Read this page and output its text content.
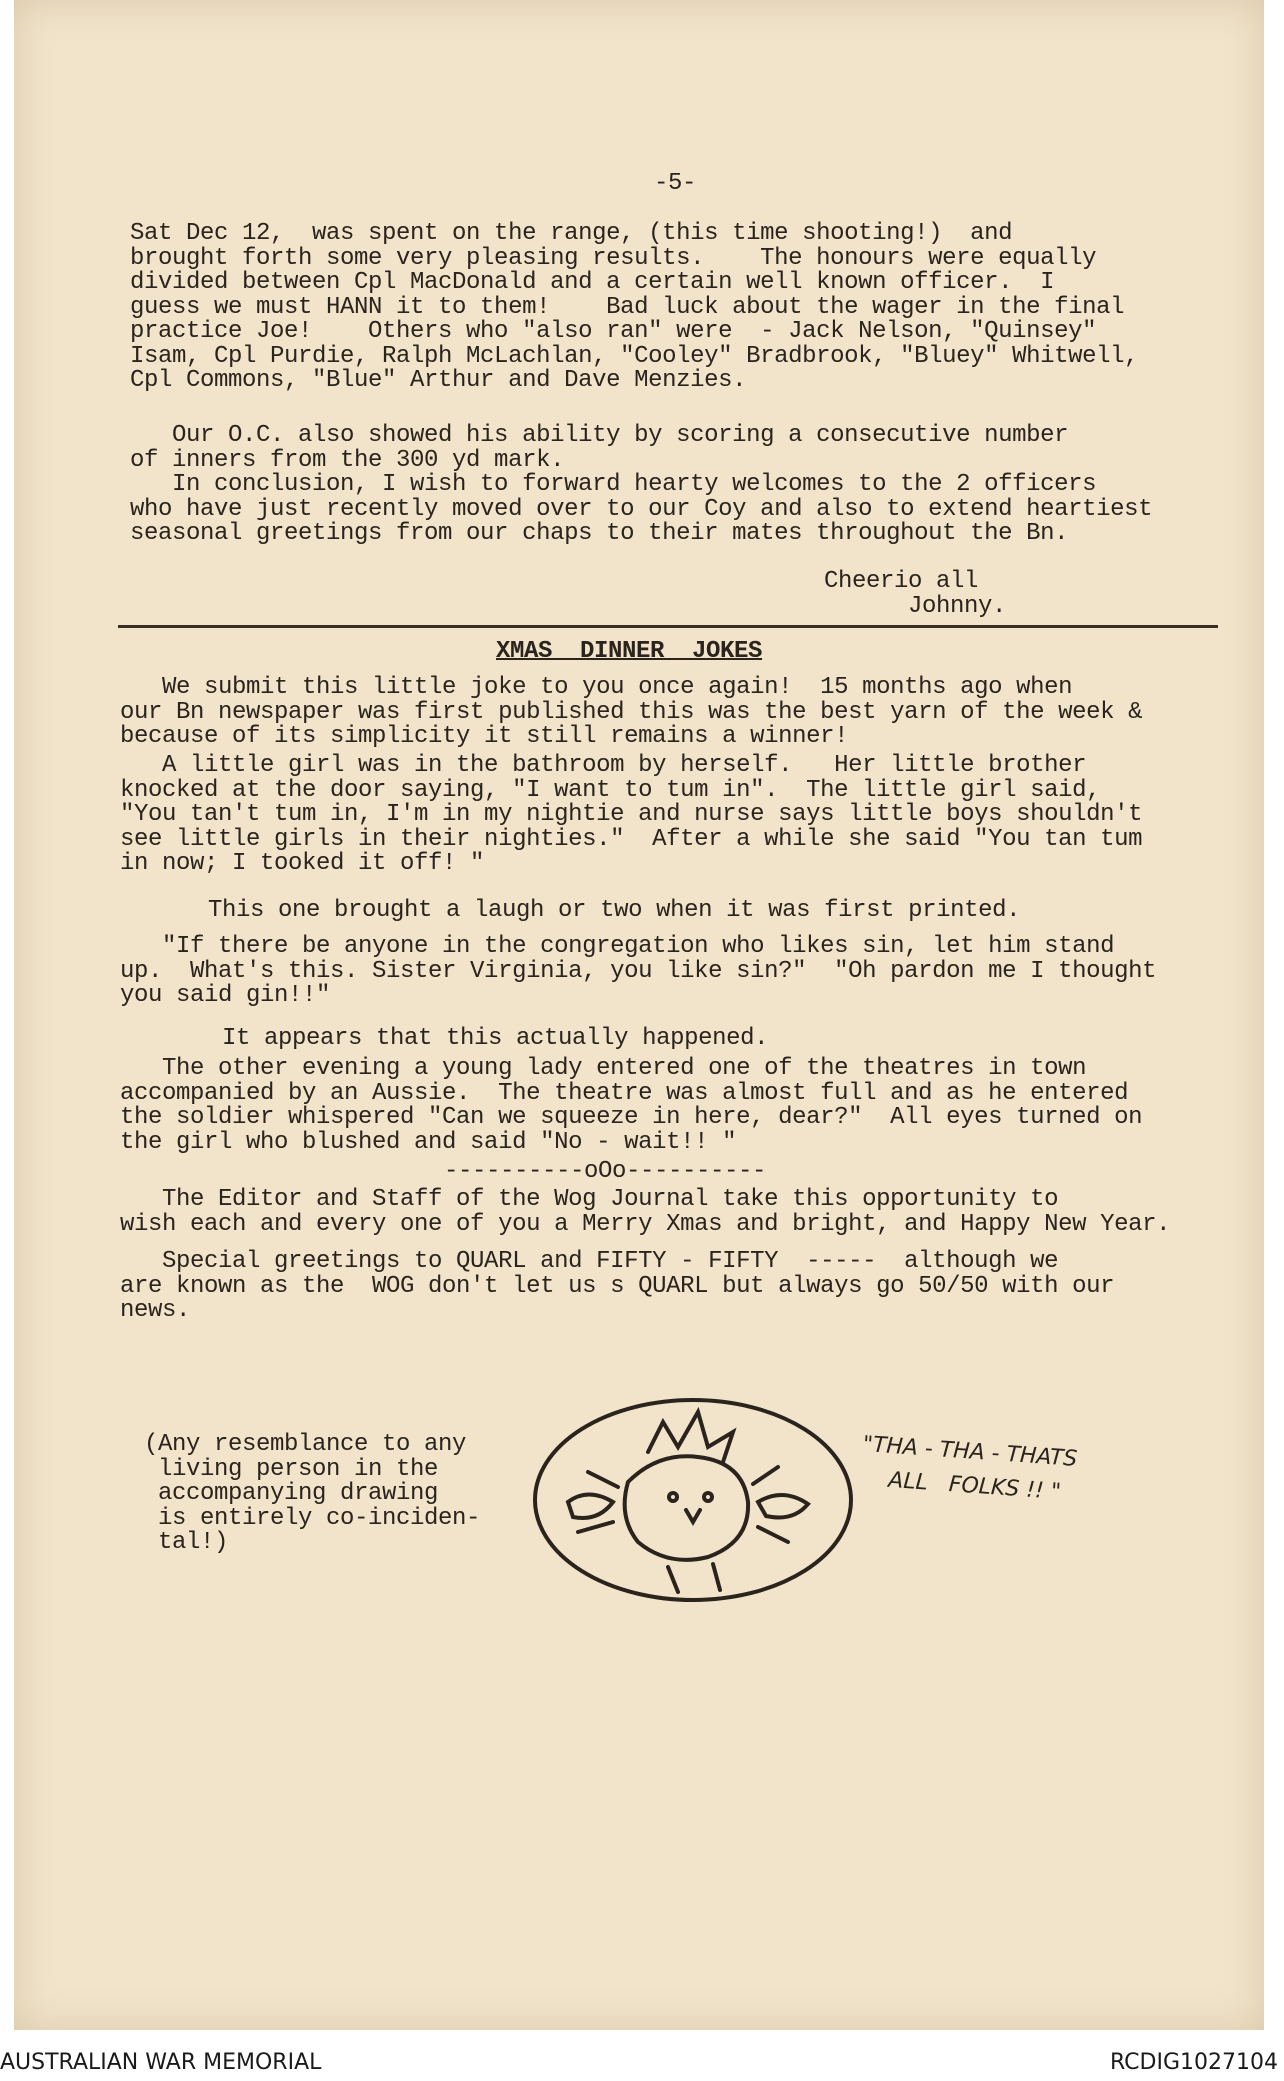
-5-
Sat Dec 12,  was spent on the range, (this time shooting!)  and
brought forth some very pleasing results.    The honours were equally
divided between Cpl MacDonald and a certain well known officer.  I
guess we must HANN it to them!    Bad luck about the wager in the final
practice Joe!    Others who "also ran" were  - Jack Nelson, "Quinsey"
Isam, Cpl Purdie, Ralph McLachlan, "Cooley" Bradbrook, "Bluey" Whitwell,
Cpl Commons, "Blue" Arthur and Dave Menzies.
Our O.C. also showed his ability by scoring a consecutive number
of inners from the 300 yd mark.
In conclusion, I wish to forward hearty welcomes to the 2 officers
who have just recently moved over to our Coy and also to extend heartiest
seasonal greetings from our chaps to their mates throughout the Bn.
Cheerio all
Johnny.
XMAS  DINNER  JOKES
We submit this little joke to you once again!  15 months ago when
our Bn newspaper was first published this was the best yarn of the week &
because of its simplicity it still remains a winner!
A little girl was in the bathroom by herself.   Her little brother
knocked at the door saying, "I want to tum in".  The little girl said,
"You tan't tum in, I'm in my nightie and nurse says little boys shouldn't
see little girls in their nighties."  After a while she said "You tan tum
in now; I tooked it off! "
This one brought a laugh or two when it was first printed.
"If there be anyone in the congregation who likes sin, let him stand
up.  What's this. Sister Virginia, you like sin?"  "Oh pardon me I thought
you said gin!!"
It appears that this actually happened.
The other evening a young lady entered one of the theatres in town
accompanied by an Aussie.  The theatre was almost full and as he entered
the soldier whispered "Can we squeeze in here, dear?"  All eyes turned on
the girl who blushed and said "No - wait!! "
----------oOo----------
The Editor and Staff of the Wog Journal take this opportunity to
wish each and every one of you a Merry Xmas and bright, and Happy New Year.
Special greetings to QUARL and FIFTY - FIFTY  -----  although we
are known as the  WOG don't let us s QUARL but always go 50/50 with our
news.
(Any resemblance to any
living person in the
accompanying drawing
is entirely co-inciden-
tal!)
"THA - THA - THATS
ALL   FOLKS !! "
AUSTRALIAN WAR MEMORIAL	RCDIG1027104
